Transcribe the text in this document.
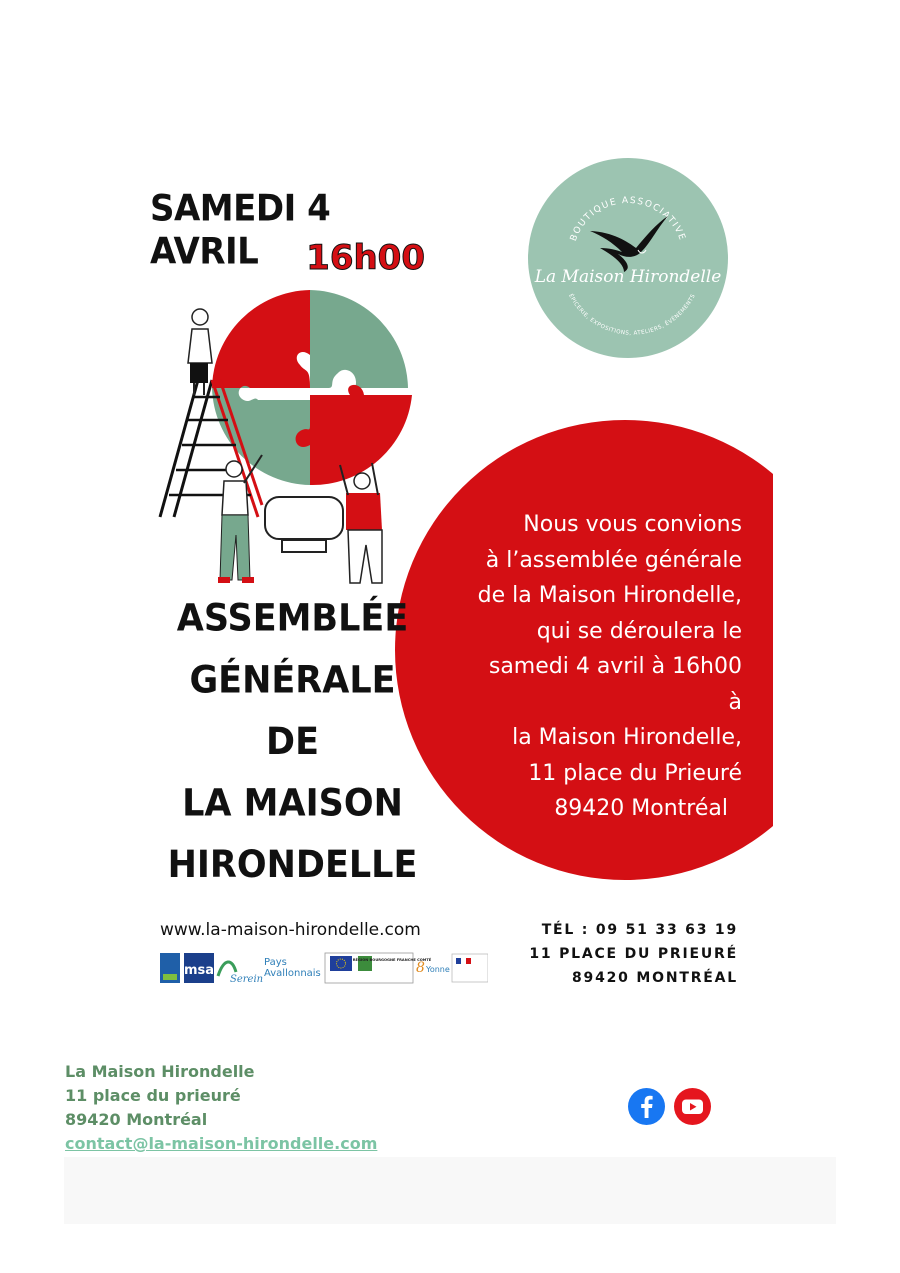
SAMEDI 4 AVRIL	16h00
BOUTIQUE ASSOCIATIVE
ÉPICERIE, EXPOSITIONS, ATELIERS, ÉVÉNEMENTS
La Maison Hirondelle
Nous vous convions
à l’assemblée générale
de la Maison Hirondelle,
qui se déroulera le
samedi 4 avril à 16h00
à
la Maison Hirondelle,
11 place du Prieuré
89420 Montréal
ASSEMBLÉE
GÉNÉRALE
DE
LA MAISON
HIRONDELLE
www.la-maison-hirondelle.com	TÉL : 09 51 33 63 19
11 PLACE DU PRIEURÉ
89420 MONTRÉAL
msa
Serein
Pays
Avallonnais
RÉGION BOURGOGNE FRANCHE COMTÉ
8 Yonne
La Maison Hirondelle
11 place du prieuré
89420 Montréal
contact@la-maison-hirondelle.com
